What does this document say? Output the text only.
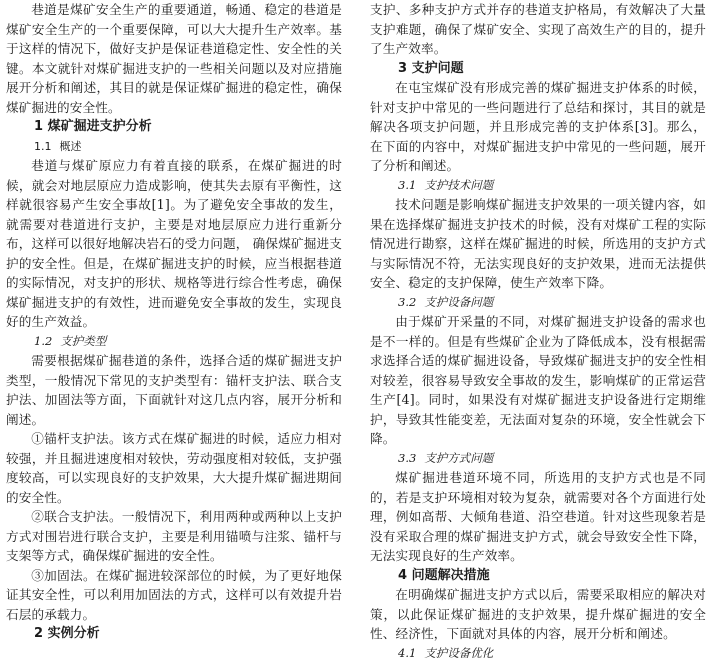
巷道是煤矿安全生产的重要通道，畅通、稳定的巷道是煤矿安全生产的一个重要保障，可以大大提升生产效率。基于这样的情况下，做好支护是保证巷道稳定性、安全性的关键。本文就针对煤矿掘进支护的一些相关问题以及对应措施展开分析和阐述，其目的就是保证煤矿掘进的稳定性，确保煤矿掘进的安全性。

1 煤矿掘进支护分析
1.1 概述

巷道与煤矿原应力有着直接的联系，在煤矿掘进的时候，就会对地层原应力造成影响，使其失去原有平衡性，这样就很容易产生安全事故[1]。为了避免安全事故的发生，就需要对巷道进行支护，主要是对地层原应力进行重新分布，这样可以很好地解决岩石的受力问题， 确保煤矿掘进支护的安全性。但是，在煤矿掘进支护的时候，应当根据巷道的实际情况，对支护的形状、规格等进行综合性考虑，确保煤矿掘进支护的有效性，进而避免安全事故的发生，实现良好的生产效益。

1.2 支护类型

需要根据煤矿掘巷道的条件，选择合适的煤矿掘进支护类型，一般情况下常见的支护类型有：锚杆支护法、联合支护法、加固法等方面，下面就针对这几点内容，展开分析和阐述。

①锚杆支护法。该方式在煤矿掘进的时候，适应力相对较强，并且掘进速度相对较快，劳动强度相对较低，支护强度较高，可以实现良好的支护效果，大大提升煤矿掘进期间的安全性。

②联合支护法。一般情况下，利用两种或两种以上支护方式对围岩进行联合支护，主要是利用锚喷与注浆、锚杆与支架等方式，确保煤矿掘进的安全性。

③加固法。在煤矿掘进较深部位的时候，为了更好地保证其安全性，可以利用加固法的方式，这样可以有效提升岩石层的承载力。

2 实例分析

支护、多种支护方式并存的巷道支护格局，有效解决了大量支护难题，确保了煤矿安全、实现了高效生产的目的，提升了生产效率。

3 支护问题

在屯宝煤矿没有形成完善的煤矿掘进支护体系的时候，针对支护中常见的一些问题进行了总结和探讨，其目的就是解决各项支护问题，并且形成完善的支护体系[3]。那么，在下面的内容中，对煤矿掘进支护中常见的一些问题，展开了分析和阐述。

3.1 支护技术问题

技术问题是影响煤矿掘进支护效果的一项关键内容，如果在选择煤矿掘进支护技术的时候，没有对煤矿工程的实际情况进行勘察，这样在煤矿掘进的时候，所选用的支护方式与实际情况不符，无法实现良好的支护效果，进而无法提供安全、稳定的支护保障，使生产效率下降。

3.2 支护设备问题

由于煤矿开采量的不同，对煤矿掘进支护设备的需求也是不一样的。但是有些煤矿企业为了降低成本，没有根据需求选择合适的煤矿掘进设备，导致煤矿掘进支护的安全性相对较差，很容易导致安全事故的发生，影响煤矿的正常运营生产[4]。同时，如果没有对煤矿掘进支护设备进行定期维护，导致其性能变差，无法面对复杂的环境，安全性就会下降。

3.3 支护方式问题

煤矿掘进巷道环境不同，所选用的支护方式也是不同的，若是支护环境相对较为复杂，就需要对各个方面进行处理，例如高帮、大倾角巷道、沿空巷道。针对这些现象若是没有采取合理的煤矿掘进支护方式，就会导致安全性下降，无法实现良好的生产效率。

4 问题解决措施

在明确煤矿掘进支护方式以后，需要采取相应的解决对策，以此保证煤矿掘进的支护效果，提升煤矿掘进的安全性、经济性，下面就对具体的内容，展开分析和阐述。

4.1 支护设备优化
